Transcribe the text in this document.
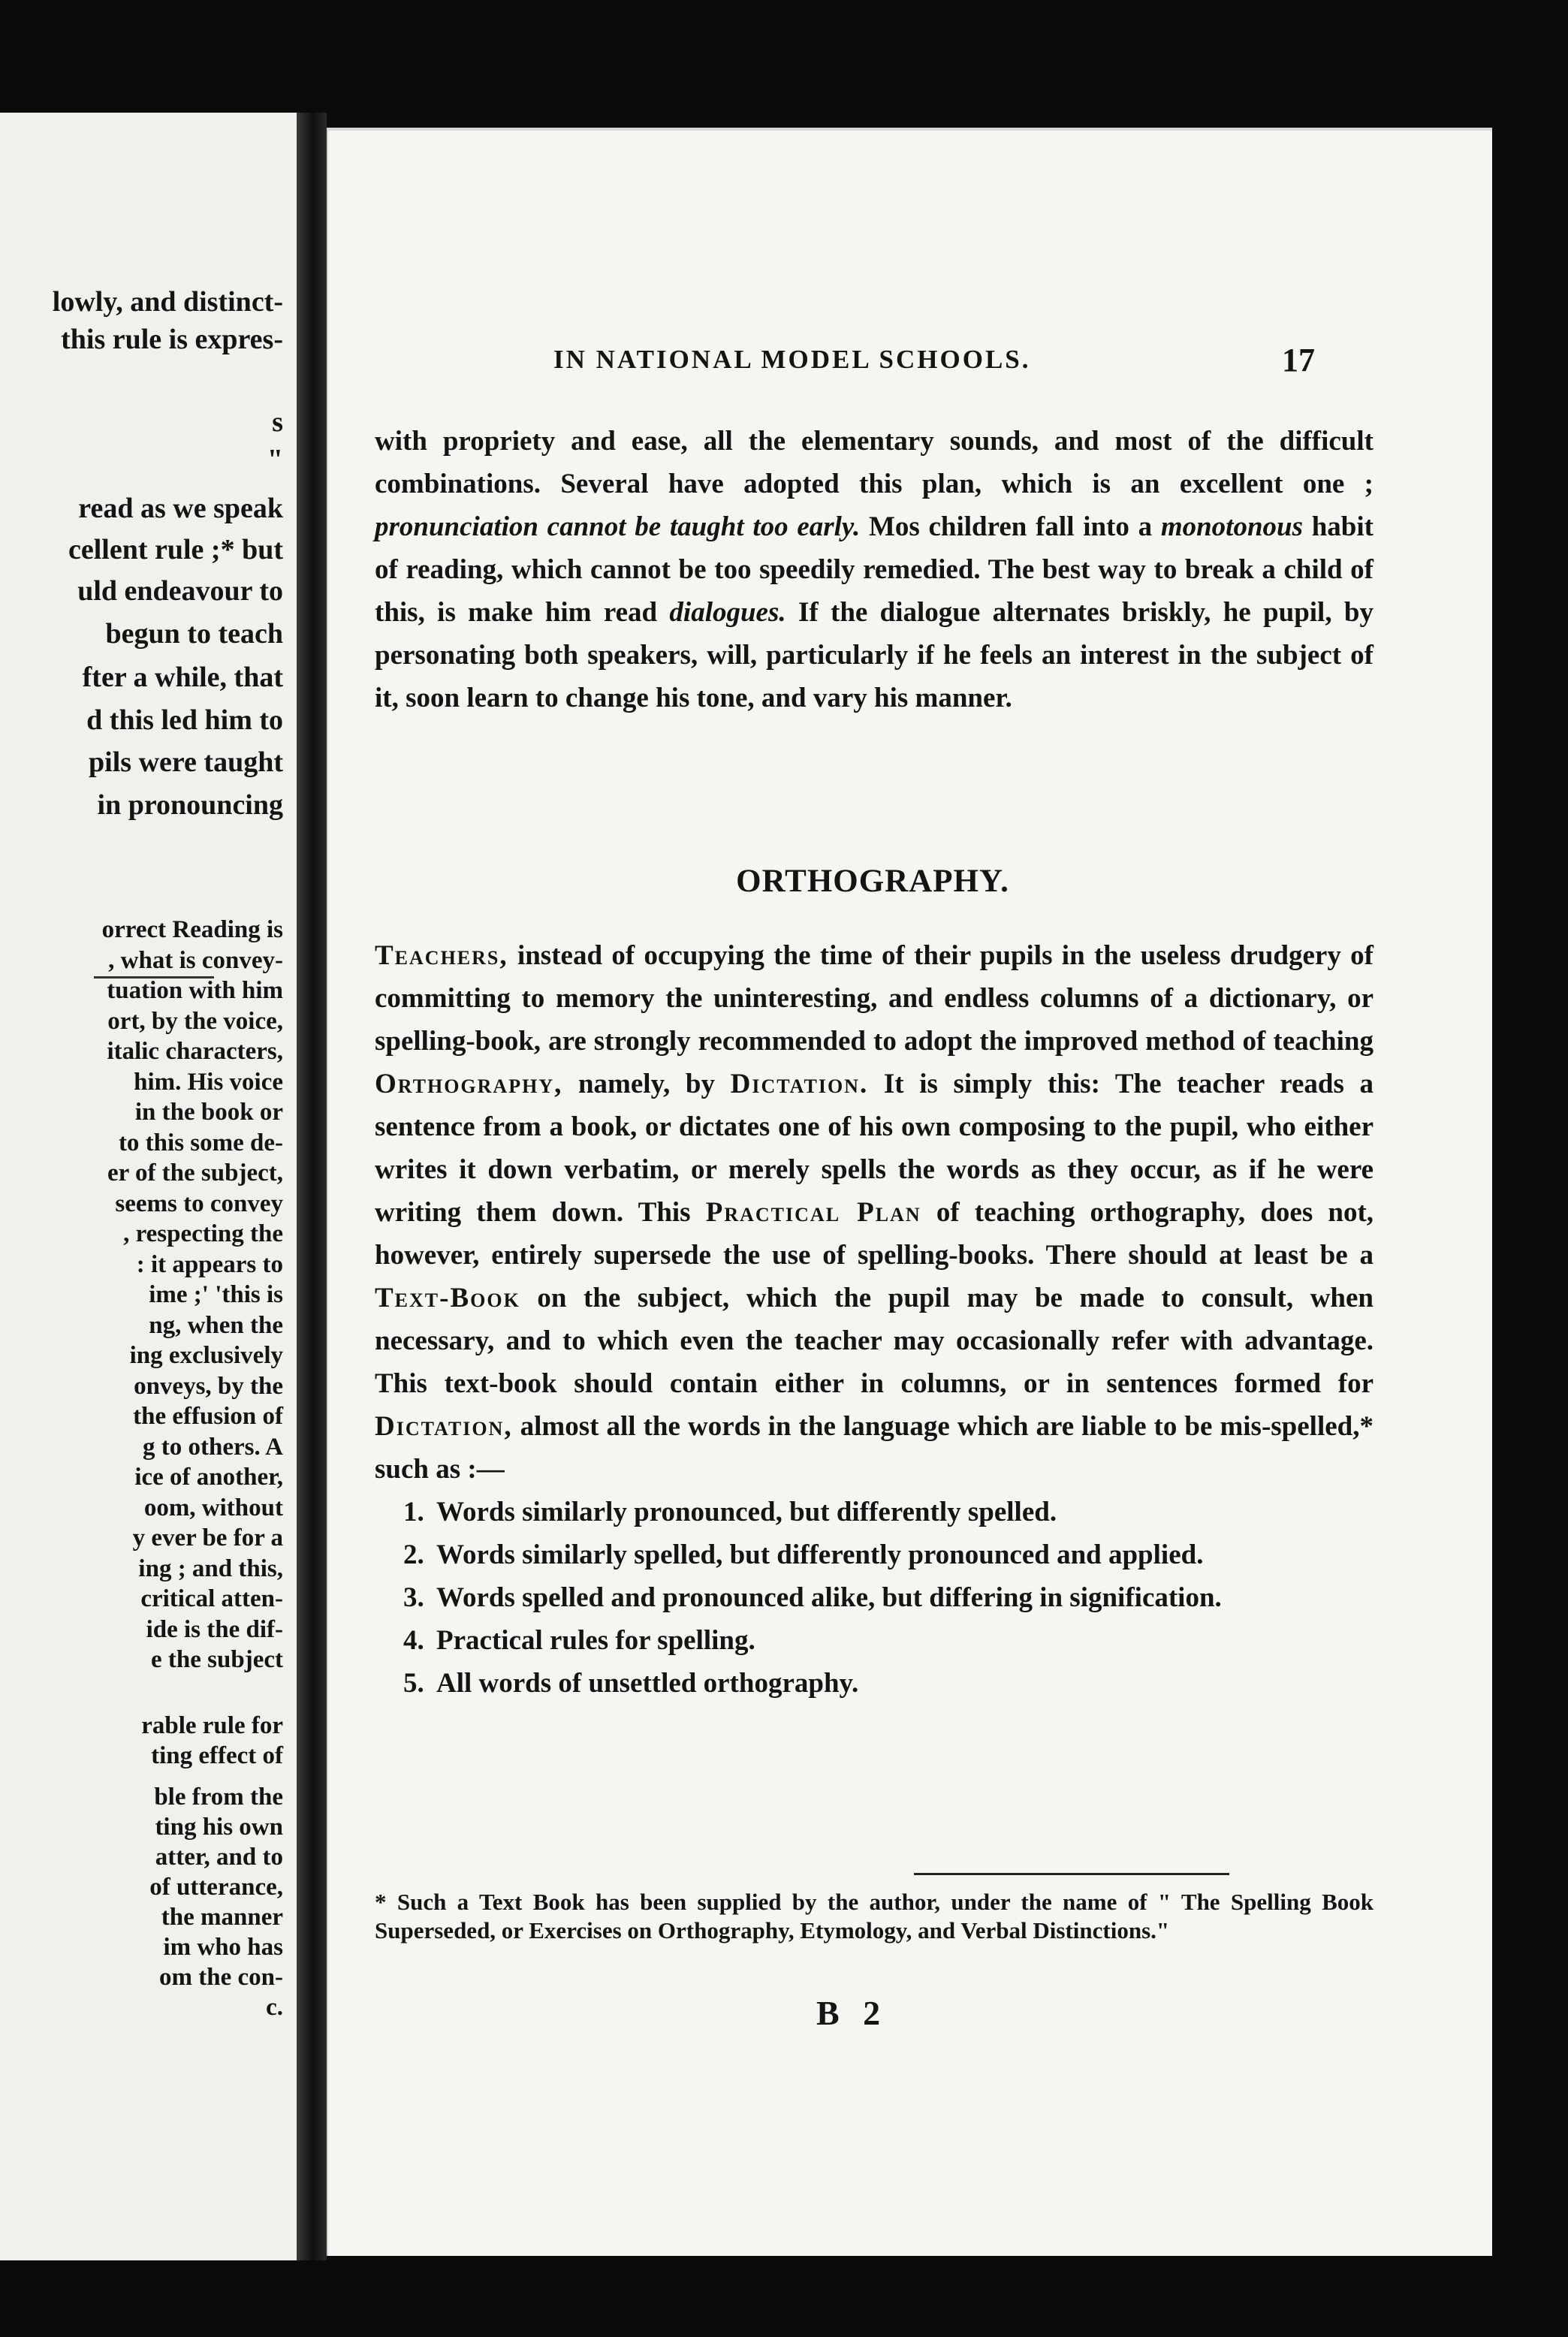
lowly, and distinct-
this rule is expres-
s
"
read as we speak
cellent rule ;* but
uld endeavour to
begun to teach
fter a while, that
d this led him to
pils were taught
in pronouncing
orrect Reading is
, what is convey-
tuation with him
ort, by the voice,
italic characters,
him. His voice
in the book or
to this some de-
er of the subject,
seems to convey
, respecting the
: it appears to
ime ;' 'this is
ng, when the
ing exclusively
onveys, by the
the effusion of
g to others. A
ice of another,
oom, without
y ever be for a
ing ; and this,
critical atten-
ide is the dif-
e the subject
rable rule for
ting effect of
ble from the
ting his own
atter, and to
of utterance,
the manner
im who has
om the con-
c.
IN NATIONAL MODEL SCHOOLS.	17

with propriety and ease, all the elementary sounds, and most of the difficult combinations. Several have adopted this plan, which is an excellent one ; pronunciation cannot be taught too early. Mos children fall into a monotonous habit of reading, which cannot be too speedily remedied. The best way to break a child of this, is make him read dialogues. If the dialogue alternates briskly, he pupil, by personating both speakers, will, particularly if he feels an interest in the subject of it, soon learn to change his tone, and vary his manner.

ORTHOGRAPHY.

Teachers, instead of occupying the time of their pupils in the useless drudgery of committing to memory the uninteresting, and endless columns of a dictionary, or spelling-book, are strongly recommended to adopt the improved method of teaching Orthography, namely, by Dictation. It is simply this: The teacher reads a sentence from a book, or dictates one of his own composing to the pupil, who either writes it down verbatim, or merely spells the words as they occur, as if he were writing them down. This Practical Plan of teaching orthography, does not, however, entirely supersede the use of spelling-books. There should at least be a Text-Book on the subject, which the pupil may be made to consult, when necessary, and to which even the teacher may occasionally refer with advantage. This text-book should contain either in columns, or in sentences formed for Dictation, almost all the words in the language which are liable to be mis-spelled,* such as :—

1. Words similarly pronounced, but differently spelled.
2. Words similarly spelled, but differently pronounced and applied.
3. Words spelled and pronounced alike, but differing in signification.
4. Practical rules for spelling.
5. All words of unsettled orthography.
* Such a Text Book has been supplied by the author, under the name of " The Spelling Book Superseded, or Exercises on Orthography, Etymology, and Verbal Distinctions."
B 2
